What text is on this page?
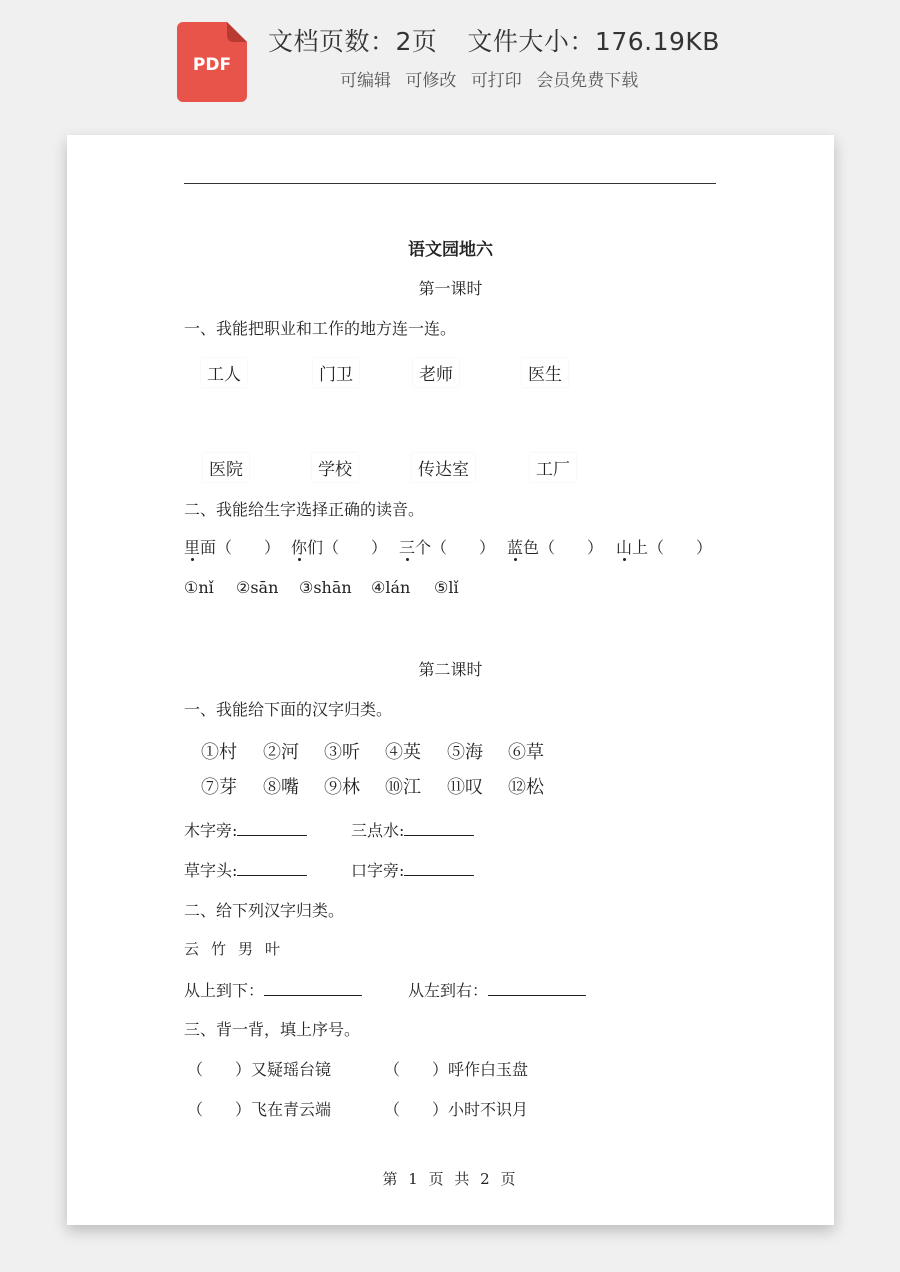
PDF
文档页数：2页 文件大小：176.19KB
可编辑 可修改 可打印 会员免费下载
语文园地六
第一课时
一、我能把职业和工作的地方连一连。
工人	门卫	老师	医生
医院	学校	传达室	工厂
二、我能给生字选择正确的读音。
里面（　　） 你们（　　） 三个（　　） 蓝色（　　） 山上（　　）
①nǐ ②sān ③shān ④lán ⑤lǐ
第二课时
一、我能给下面的汉字归类。
①村 ②河 ③听 ④英 ⑤海 ⑥草
⑦芽 ⑧嘴 ⑨林 ⑩江 ⑪叹 ⑫松
木字旁:	三点水:
草字头:	口字旁:
二、给下列汉字归类。
云竹男叶
从上到下：	从左到右：
三、背一背，填上序号。
（　　）又疑瑶台镜	（　　）呼作白玉盘
（　　）飞在青云端	（　　）小时不识月
第 1 页 共 2 页
